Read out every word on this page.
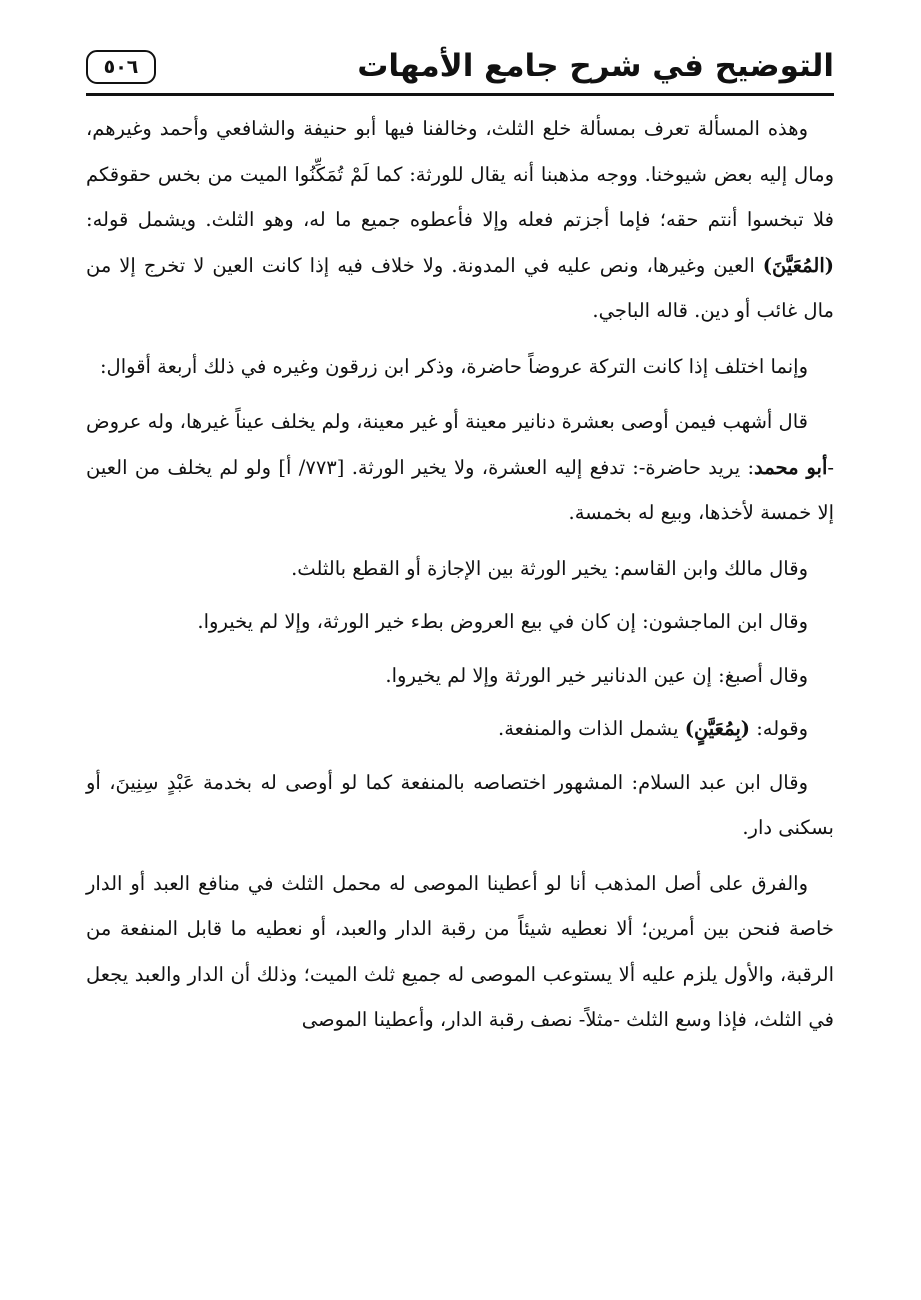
التوضيح في شرح جامع الأمهات
٥٠٦

وهذه المسألة تعرف بمسألة خلع الثلث، وخالفنا فيها أبو حنيفة والشافعي وأحمد وغيرهم، ومال إليه بعض شيوخنا. ووجه مذهبنا أنه يقال للورثة: كما لَمْ تُمَكِّنُوا الميت من بخس حقوقكم فلا تبخسوا أنتم حقه؛ فإما أجزتم فعله وإلا فأعطوه جميع ما له، وهو الثلث. ويشمل قوله: (المُعَيَّنَ) العين وغيرها، ونص عليه في المدونة. ولا خلاف فيه إذا كانت العين لا تخرج إلا من مال غائب أو دين. قاله الباجي.

وإنما اختلف إذا كانت التركة عروضاً حاضرة، وذكر ابن زرقون وغيره في ذلك أربعة أقوال:

قال أشهب فيمن أوصى بعشرة دنانير معينة أو غير معينة، ولم يخلف عيناً غيرها، وله عروض -أبو محمد: يريد حاضرة-: تدفع إليه العشرة، ولا يخير الورثة. [٧٧٣/ أ] ولو لم يخلف من العين إلا خمسة لأخذها، وبيع له بخمسة.

وقال مالك وابن القاسم: يخير الورثة بين الإجازة أو القطع بالثلث.

وقال ابن الماجشون: إن كان في بيع العروض بطء خير الورثة، وإلا لم يخيروا.

وقال أصبغ: إن عين الدنانير خير الورثة وإلا لم يخيروا.

وقوله: (بِمُعَيَّنٍ) يشمل الذات والمنفعة.

وقال ابن عبد السلام: المشهور اختصاصه بالمنفعة كما لو أوصى له بخدمة عَبْدٍ سِنِينَ، أو بسكنى دار.

والفرق على أصل المذهب أنا لو أعطينا الموصى له محمل الثلث في منافع العبد أو الدار خاصة فنحن بين أمرين؛ ألا نعطيه شيئاً من رقبة الدار والعبد، أو نعطيه ما قابل المنفعة من الرقبة، والأول يلزم عليه ألا يستوعب الموصى له جميع ثلث الميت؛ وذلك أن الدار والعبد يجعل في الثلث، فإذا وسع الثلث -مثلاً- نصف رقبة الدار، وأعطينا الموصى
